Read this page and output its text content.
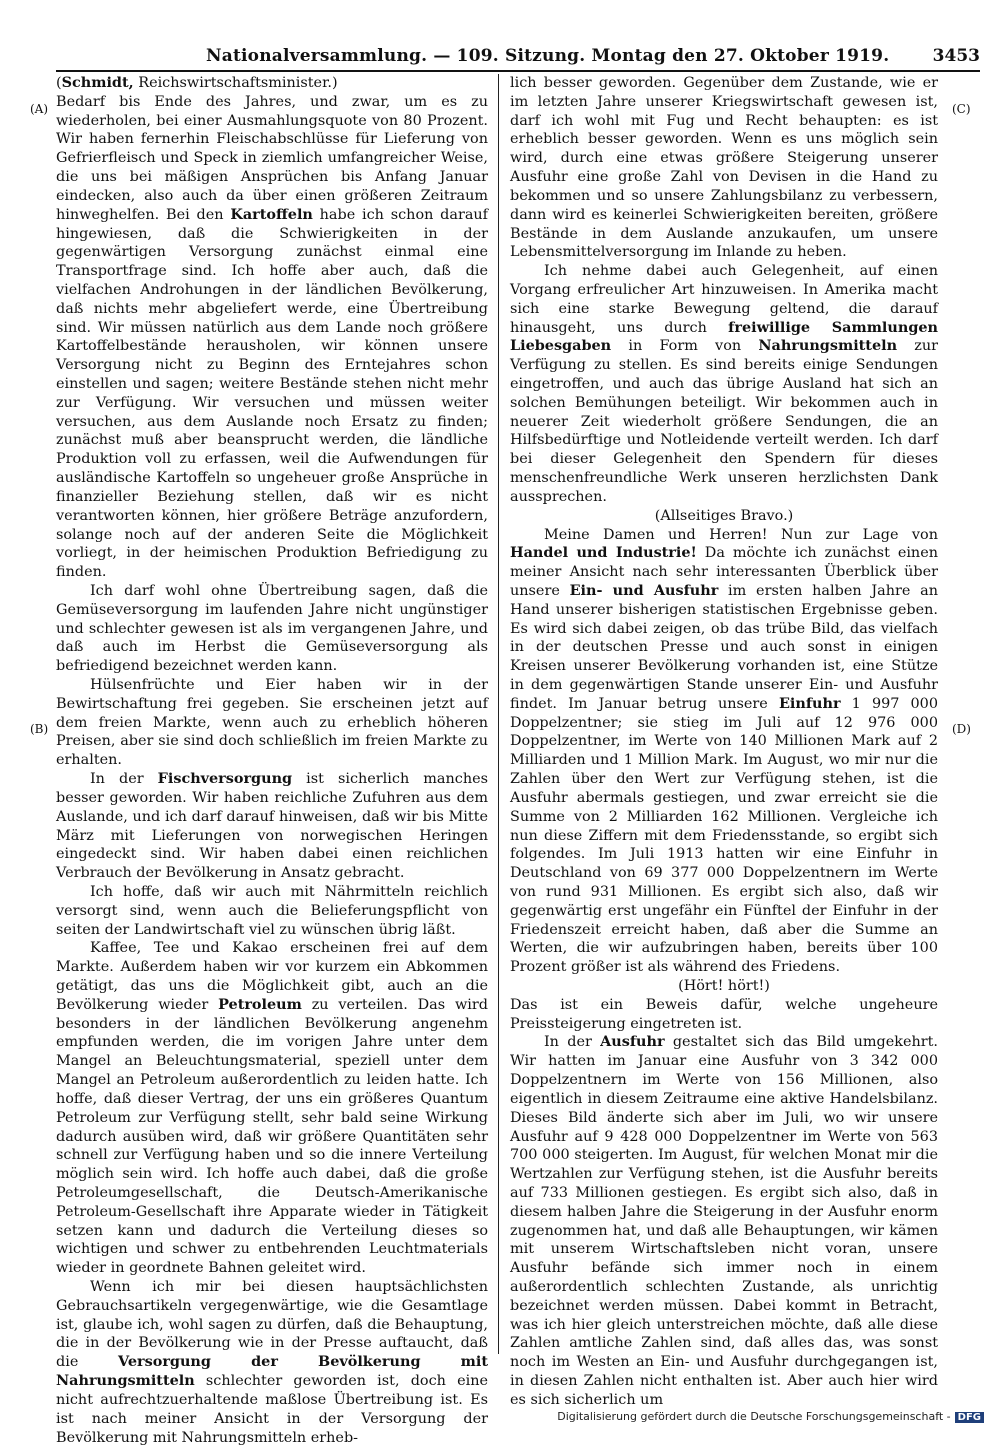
Nationalversammlung. — 109. Sitzung. Montag den 27. Oktober 1919.	3453
(A)
(B)
(C)
(D)

(Schmidt, Reichswirtschaftsminister.)

Bedarf bis Ende des Jahres, und zwar, um es zu wiederholen, bei einer Ausmahlungsquote von 80 Prozent. Wir haben fernerhin Fleischabschlüsse für Lieferung von Gefrierfleisch und Speck in ziemlich umfangreicher Weise, die uns bei mäßigen Ansprüchen bis Anfang Januar eindecken, also auch da über einen größeren Zeitraum hinweghelfen. Bei den Kartoffeln habe ich schon darauf hingewiesen, daß die Schwierigkeiten in der gegenwärtigen Versorgung zunächst einmal eine Transportfrage sind. Ich hoffe aber auch, daß die vielfachen Androhungen in der ländlichen Bevölkerung, daß nichts mehr abgeliefert werde, eine Übertreibung sind. Wir müssen natürlich aus dem Lande noch größere Kartoffelbestände herausholen, wir können unsere Versorgung nicht zu Beginn des Erntejahres schon einstellen und sagen; weitere Bestände stehen nicht mehr zur Verfügung. Wir versuchen und müssen weiter versuchen, aus dem Auslande noch Ersatz zu finden; zunächst muß aber beansprucht werden, die ländliche Produktion voll zu erfassen, weil die Aufwendungen für ausländische Kartoffeln so ungeheuer große Ansprüche in finanzieller Beziehung stellen, daß wir es nicht verantworten können, hier größere Beträge anzufordern, solange noch auf der anderen Seite die Möglichkeit vorliegt, in der heimischen Produktion Befriedigung zu finden.

Ich darf wohl ohne Übertreibung sagen, daß die Gemüseversorgung im laufenden Jahre nicht ungünstiger und schlechter gewesen ist als im vergangenen Jahre, und daß auch im Herbst die Gemüseversorgung als befriedigend bezeichnet werden kann.

Hülsenfrüchte und Eier haben wir in der Bewirtschaftung frei gegeben. Sie erscheinen jetzt auf dem freien Markte, wenn auch zu erheblich höheren Preisen, aber sie sind doch schließlich im freien Markte zu erhalten.

In der Fischversorgung ist sicherlich manches besser geworden. Wir haben reichliche Zufuhren aus dem Auslande, und ich darf darauf hinweisen, daß wir bis Mitte März mit Lieferungen von norwegischen Heringen eingedeckt sind. Wir haben dabei einen reichlichen Verbrauch der Bevölkerung in Ansatz gebracht.

Ich hoffe, daß wir auch mit Nährmitteln reichlich versorgt sind, wenn auch die Belieferungspflicht von seiten der Landwirtschaft viel zu wünschen übrig läßt.

Kaffee, Tee und Kakao erscheinen frei auf dem Markte. Außerdem haben wir vor kurzem ein Abkommen getätigt, das uns die Möglichkeit gibt, auch an die Bevölkerung wieder Petroleum zu verteilen. Das wird besonders in der ländlichen Bevölkerung angenehm empfunden werden, die im vorigen Jahre unter dem Mangel an Beleuchtungsmaterial, speziell unter dem Mangel an Petroleum außerordentlich zu leiden hatte. Ich hoffe, daß dieser Vertrag, der uns ein größeres Quantum Petroleum zur Verfügung stellt, sehr bald seine Wirkung dadurch ausüben wird, daß wir größere Quantitäten sehr schnell zur Verfügung haben und so die innere Verteilung möglich sein wird. Ich hoffe auch dabei, daß die große Petroleumgesellschaft, die Deutsch-Amerikanische Petroleum-Gesellschaft ihre Apparate wieder in Tätigkeit setzen kann und dadurch die Verteilung dieses so wichtigen und schwer zu entbehrenden Leuchtmaterials wieder in geordnete Bahnen geleitet wird.

Wenn ich mir bei diesen hauptsächlichsten Gebrauchsartikeln vergegenwärtige, wie die Gesamtlage ist, glaube ich, wohl sagen zu dürfen, daß die Behauptung, die in der Bevölkerung wie in der Presse auftaucht, daß die Versorgung der Bevölkerung mit Nahrungsmitteln schlechter geworden ist, doch eine nicht aufrechtzuerhaltende maßlose Übertreibung ist. Es ist nach meiner Ansicht in der Versorgung der Bevölkerung mit Nahrungsmitteln erheb-

lich besser geworden. Gegenüber dem Zustande, wie er im letzten Jahre unserer Kriegswirtschaft gewesen ist, darf ich wohl mit Fug und Recht behaupten: es ist erheblich besser geworden. Wenn es uns möglich sein wird, durch eine etwas größere Steigerung unserer Ausfuhr eine große Zahl von Devisen in die Hand zu bekommen und so unsere Zahlungsbilanz zu verbessern, dann wird es keinerlei Schwierigkeiten bereiten, größere Bestände in dem Auslande anzukaufen, um unsere Lebensmittelversorgung im Inlande zu heben.

Ich nehme dabei auch Gelegenheit, auf einen Vorgang erfreulicher Art hinzuweisen. In Amerika macht sich eine starke Bewegung geltend, die darauf hinausgeht, uns durch freiwillige Sammlungen Liebesgaben in Form von Nahrungsmitteln zur Verfügung zu stellen. Es sind bereits einige Sendungen eingetroffen, und auch das übrige Ausland hat sich an solchen Bemühungen beteiligt. Wir bekommen auch in neuerer Zeit wiederholt größere Sendungen, die an Hilfsbedürftige und Notleidende verteilt werden. Ich darf bei dieser Gelegenheit den Spendern für dieses menschenfreundliche Werk unseren herzlichsten Dank aussprechen.

(Allseitiges Bravo.)

Meine Damen und Herren! Nun zur Lage von Handel und Industrie! Da möchte ich zunächst einen meiner Ansicht nach sehr interessanten Überblick über unsere Ein- und Ausfuhr im ersten halben Jahre an Hand unserer bisherigen statistischen Ergebnisse geben. Es wird sich dabei zeigen, ob das trübe Bild, das vielfach in der deutschen Presse und auch sonst in einigen Kreisen unserer Bevölkerung vorhanden ist, eine Stütze in dem gegenwärtigen Stande unserer Ein- und Ausfuhr findet. Im Januar betrug unsere Einfuhr 1 997 000 Doppelzentner; sie stieg im Juli auf 12 976 000 Doppelzentner, im Werte von 140 Millionen Mark auf 2 Milliarden und 1 Million Mark. Im August, wo mir nur die Zahlen über den Wert zur Verfügung stehen, ist die Ausfuhr abermals gestiegen, und zwar erreicht sie die Summe von 2 Milliarden 162 Millionen. Vergleiche ich nun diese Ziffern mit dem Friedensstande, so ergibt sich folgendes. Im Juli 1913 hatten wir eine Einfuhr in Deutschland von 69 377 000 Doppelzentnern im Werte von rund 931 Millionen. Es ergibt sich also, daß wir gegenwärtig erst ungefähr ein Fünftel der Einfuhr in der Friedenszeit erreicht haben, daß aber die Summe an Werten, die wir aufzubringen haben, bereits über 100 Prozent größer ist als während des Friedens.

(Hört! hört!)

Das ist ein Beweis dafür, welche ungeheure Preissteigerung eingetreten ist.

In der Ausfuhr gestaltet sich das Bild umgekehrt. Wir hatten im Januar eine Ausfuhr von 3 342 000 Doppelzentnern im Werte von 156 Millionen, also eigentlich in diesem Zeitraume eine aktive Handelsbilanz. Dieses Bild änderte sich aber im Juli, wo wir unsere Ausfuhr auf 9 428 000 Doppelzentner im Werte von 563 700 000 steigerten. Im August, für welchen Monat mir die Wertzahlen zur Verfügung stehen, ist die Ausfuhr bereits auf 733 Millionen gestiegen. Es ergibt sich also, daß in diesem halben Jahre die Steigerung in der Ausfuhr enorm zugenommen hat, und daß alle Behauptungen, wir kämen mit unserem Wirtschaftsleben nicht voran, unsere Ausfuhr befände sich immer noch in einem außerordentlich schlechten Zustande, als unrichtig bezeichnet werden müssen. Dabei kommt in Betracht, was ich hier gleich unterstreichen möchte, daß alle diese Zahlen amtliche Zahlen sind, daß alles das, was sonst noch im Westen an Ein- und Ausfuhr durchgegangen ist, in diesen Zahlen nicht enthalten ist. Aber auch hier wird es sich sicherlich um

Digitalisierung gefördert durch die Deutsche Forschungsgemeinschaft - DFG
